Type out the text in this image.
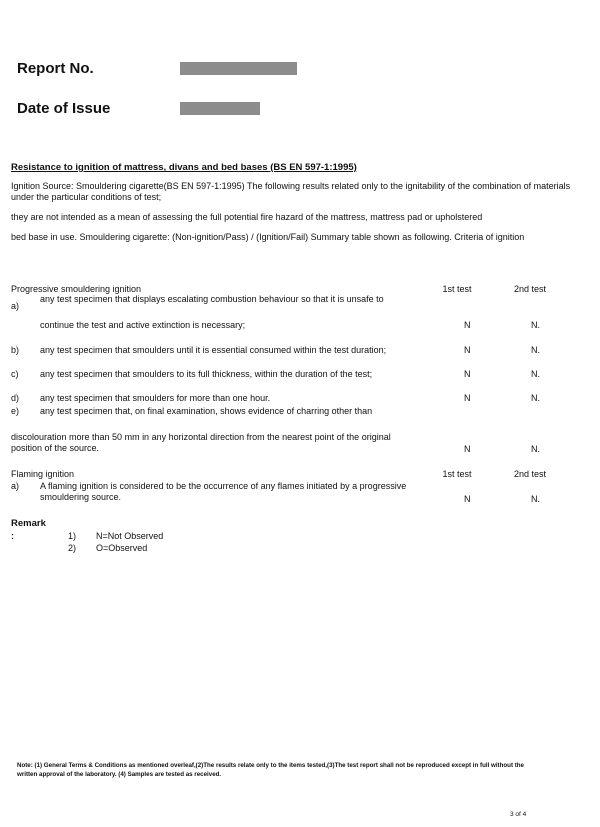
Report No.
Date of Issue
Resistance to ignition of mattress, divans and bed bases (BS EN 597-1:1995)
Ignition Source: Smouldering cigarette(BS EN 597-1:1995) The following results related only to the ignitability of the combination of materials under the particular conditions of test;
they are not intended as a mean of assessing the full potential fire hazard of the mattress, mattress pad or upholstered
bed base in use. Smouldering cigarette: (Non-ignition/Pass) / (Ignition/Fail) Summary table shown as following. Criteria of ignition
Progressive smouldering ignition	1st test	2nd test
a)
any test specimen that displays escalating combustion behaviour so that it is unsafe to
continue the test and active extinction is necessary;	N	N.
b) any test specimen that smoulders until it is essential consumed within the test duration;	N	N.
c) any test specimen that smoulders to its full thickness, within the duration of the test;	N	N.
d) any test specimen that smoulders for more than one hour.	N	N.
e) any test specimen that, on final examination, shows evidence of charring other than
discolouration more than 50 mm in any horizontal direction from the nearest point of the original position of the source.	N	N.
Flaming ignition	1st test	2nd test
a) A flaming ignition is considered to be the occurrence of any flames initiated by a progressive smouldering source.	N	N.
Remark
:	1) N=Not Observed
2) O=Observed
Note: (1) General Terms & Conditions as mentioned overleaf,(2)The results relate only to the items tested,(3)The test report shall not be reproduced except in full without the written approval of the laboratory. (4) Samples are tested as received.
3 of 4
